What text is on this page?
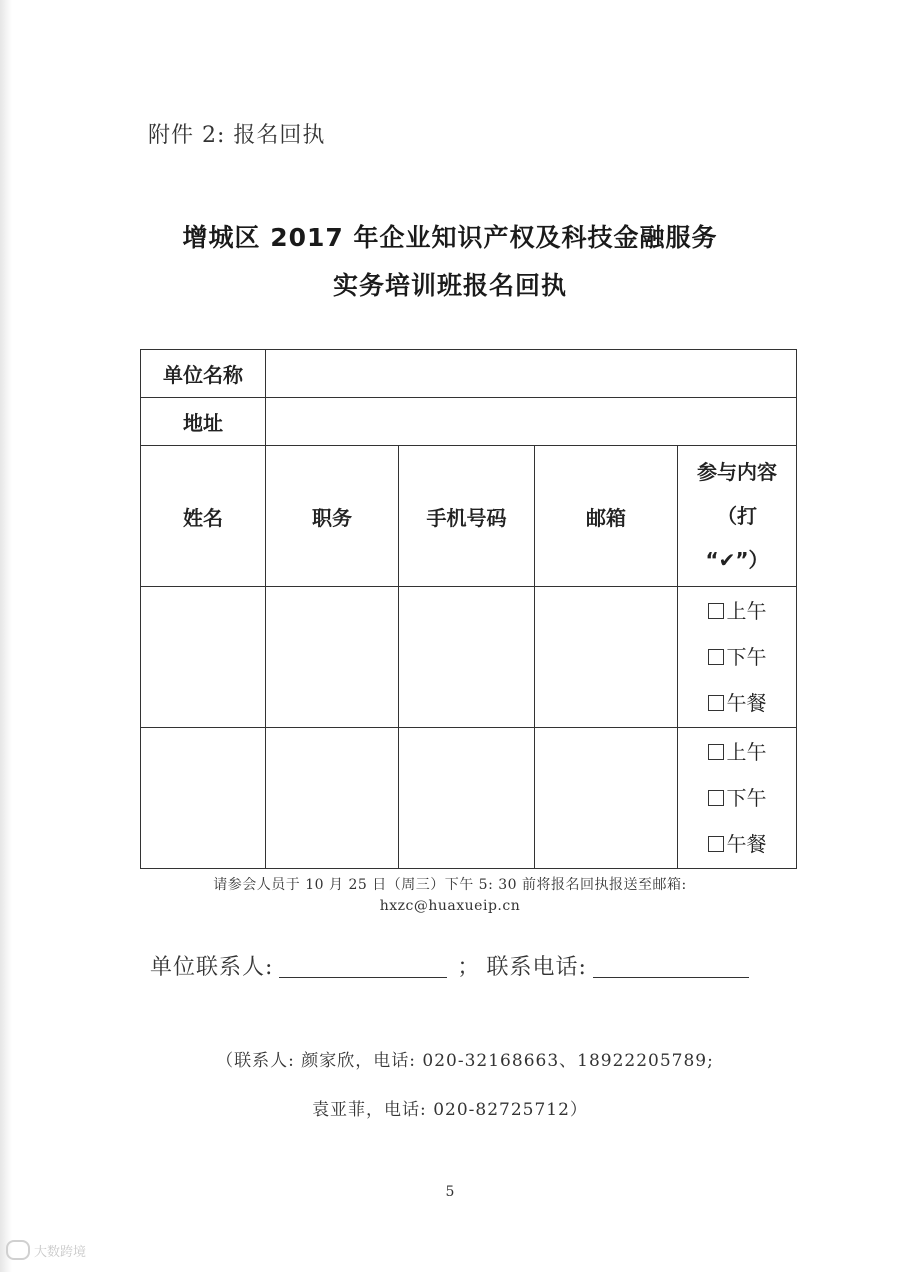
附件 2: 报名回执
增城区 2017 年企业知识产权及科技金融服务
实务培训班报名回执
单位名称				
地址				
姓名	职务	手机号码	邮箱	参与内容
（打
“✔”）

				上午
下午
午餐

				上午
下午
午餐
请参会人员于 10 月 25 日（周三）下午 5: 30 前将报名回执报送至邮箱:
hxzc@huaxueip.cn
单位联系人:	； 联系电话:
（联系人: 颜家欣，电话: 020-32168663、18922205789;
袁亚菲，电话: 020-82725712）
5
大数跨境
